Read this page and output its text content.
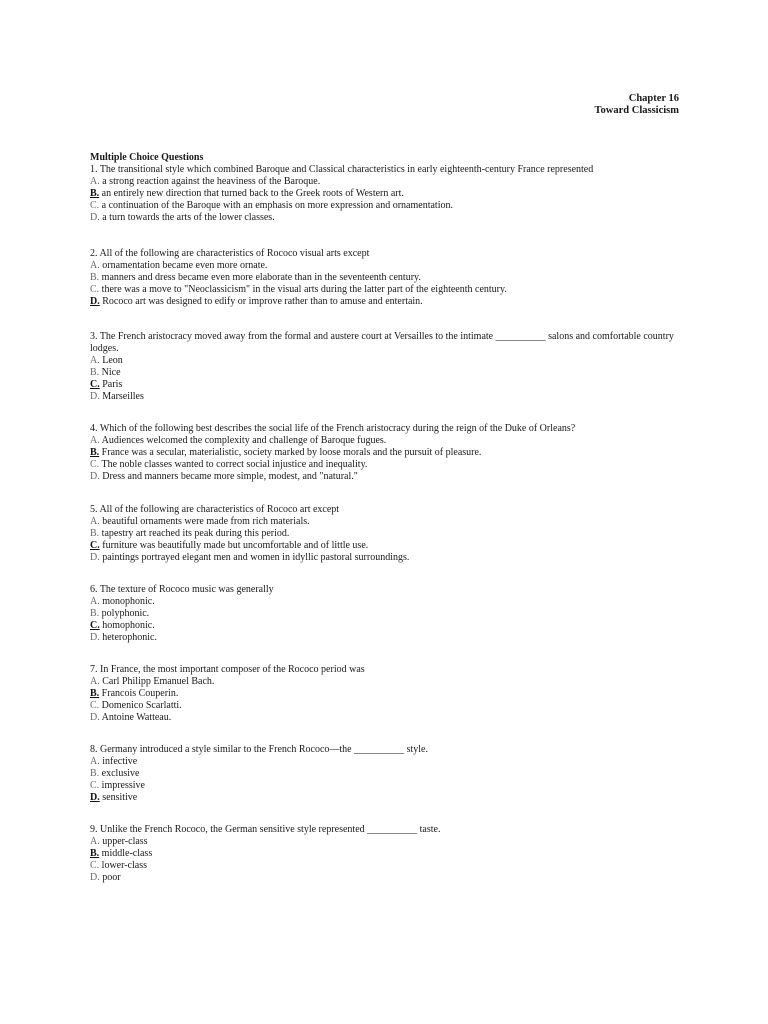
Chapter 16
Toward Classicism
Multiple Choice Questions

1. The transitional style which combined Baroque and Classical characteristics in early eighteenth-century France represented

A. a strong reaction against the heaviness of the Baroque.

B. an entirely new direction that turned back to the Greek roots of Western art.

C. a continuation of the Baroque with an emphasis on more expression and ornamentation.

D. a turn towards the arts of the lower classes.

2. All of the following are characteristics of Rococo visual arts except

A. ornamentation became even more ornate.

B. manners and dress became even more elaborate than in the seventeenth century.

C. there was a move to "Neoclassicism" in the visual arts during the latter part of the eighteenth century.

D. Rococo art was designed to edify or improve rather than to amuse and entertain.

3. The French aristocracy moved away from the formal and austere court at Versailles to the intimate __________ salons and comfortable country lodges.

A. Leon

B. Nice

C. Paris

D. Marseilles

4. Which of the following best describes the social life of the French aristocracy during the reign of the Duke of Orleans?

A. Audiences welcomed the complexity and challenge of Baroque fugues.

B. France was a secular, materialistic, society marked by loose morals and the pursuit of pleasure.

C. The noble classes wanted to correct social injustice and inequality.

D. Dress and manners became more simple, modest, and "natural."

5. All of the following are characteristics of Rococo art except

A. beautiful ornaments were made from rich materials.

B. tapestry art reached its peak during this period.

C. furniture was beautifully made but uncomfortable and of little use.

D. paintings portrayed elegant men and women in idyllic pastoral surroundings.

6. The texture of Rococo music was generally

A. monophonic.

B. polyphonic.

C. homophonic.

D. heterophonic.

7. In France, the most important composer of the Rococo period was

A. Carl Philipp Emanuel Bach.

B. Francois Couperin.

C. Domenico Scarlatti.

D. Antoine Watteau.

8. Germany introduced a style similar to the French Rococo—the __________ style.

A. infective

B. exclusive

C. impressive

D. sensitive

9. Unlike the French Rococo, the German sensitive style represented __________ taste.

A. upper-class

B. middle-class

C. lower-class

D. poor
